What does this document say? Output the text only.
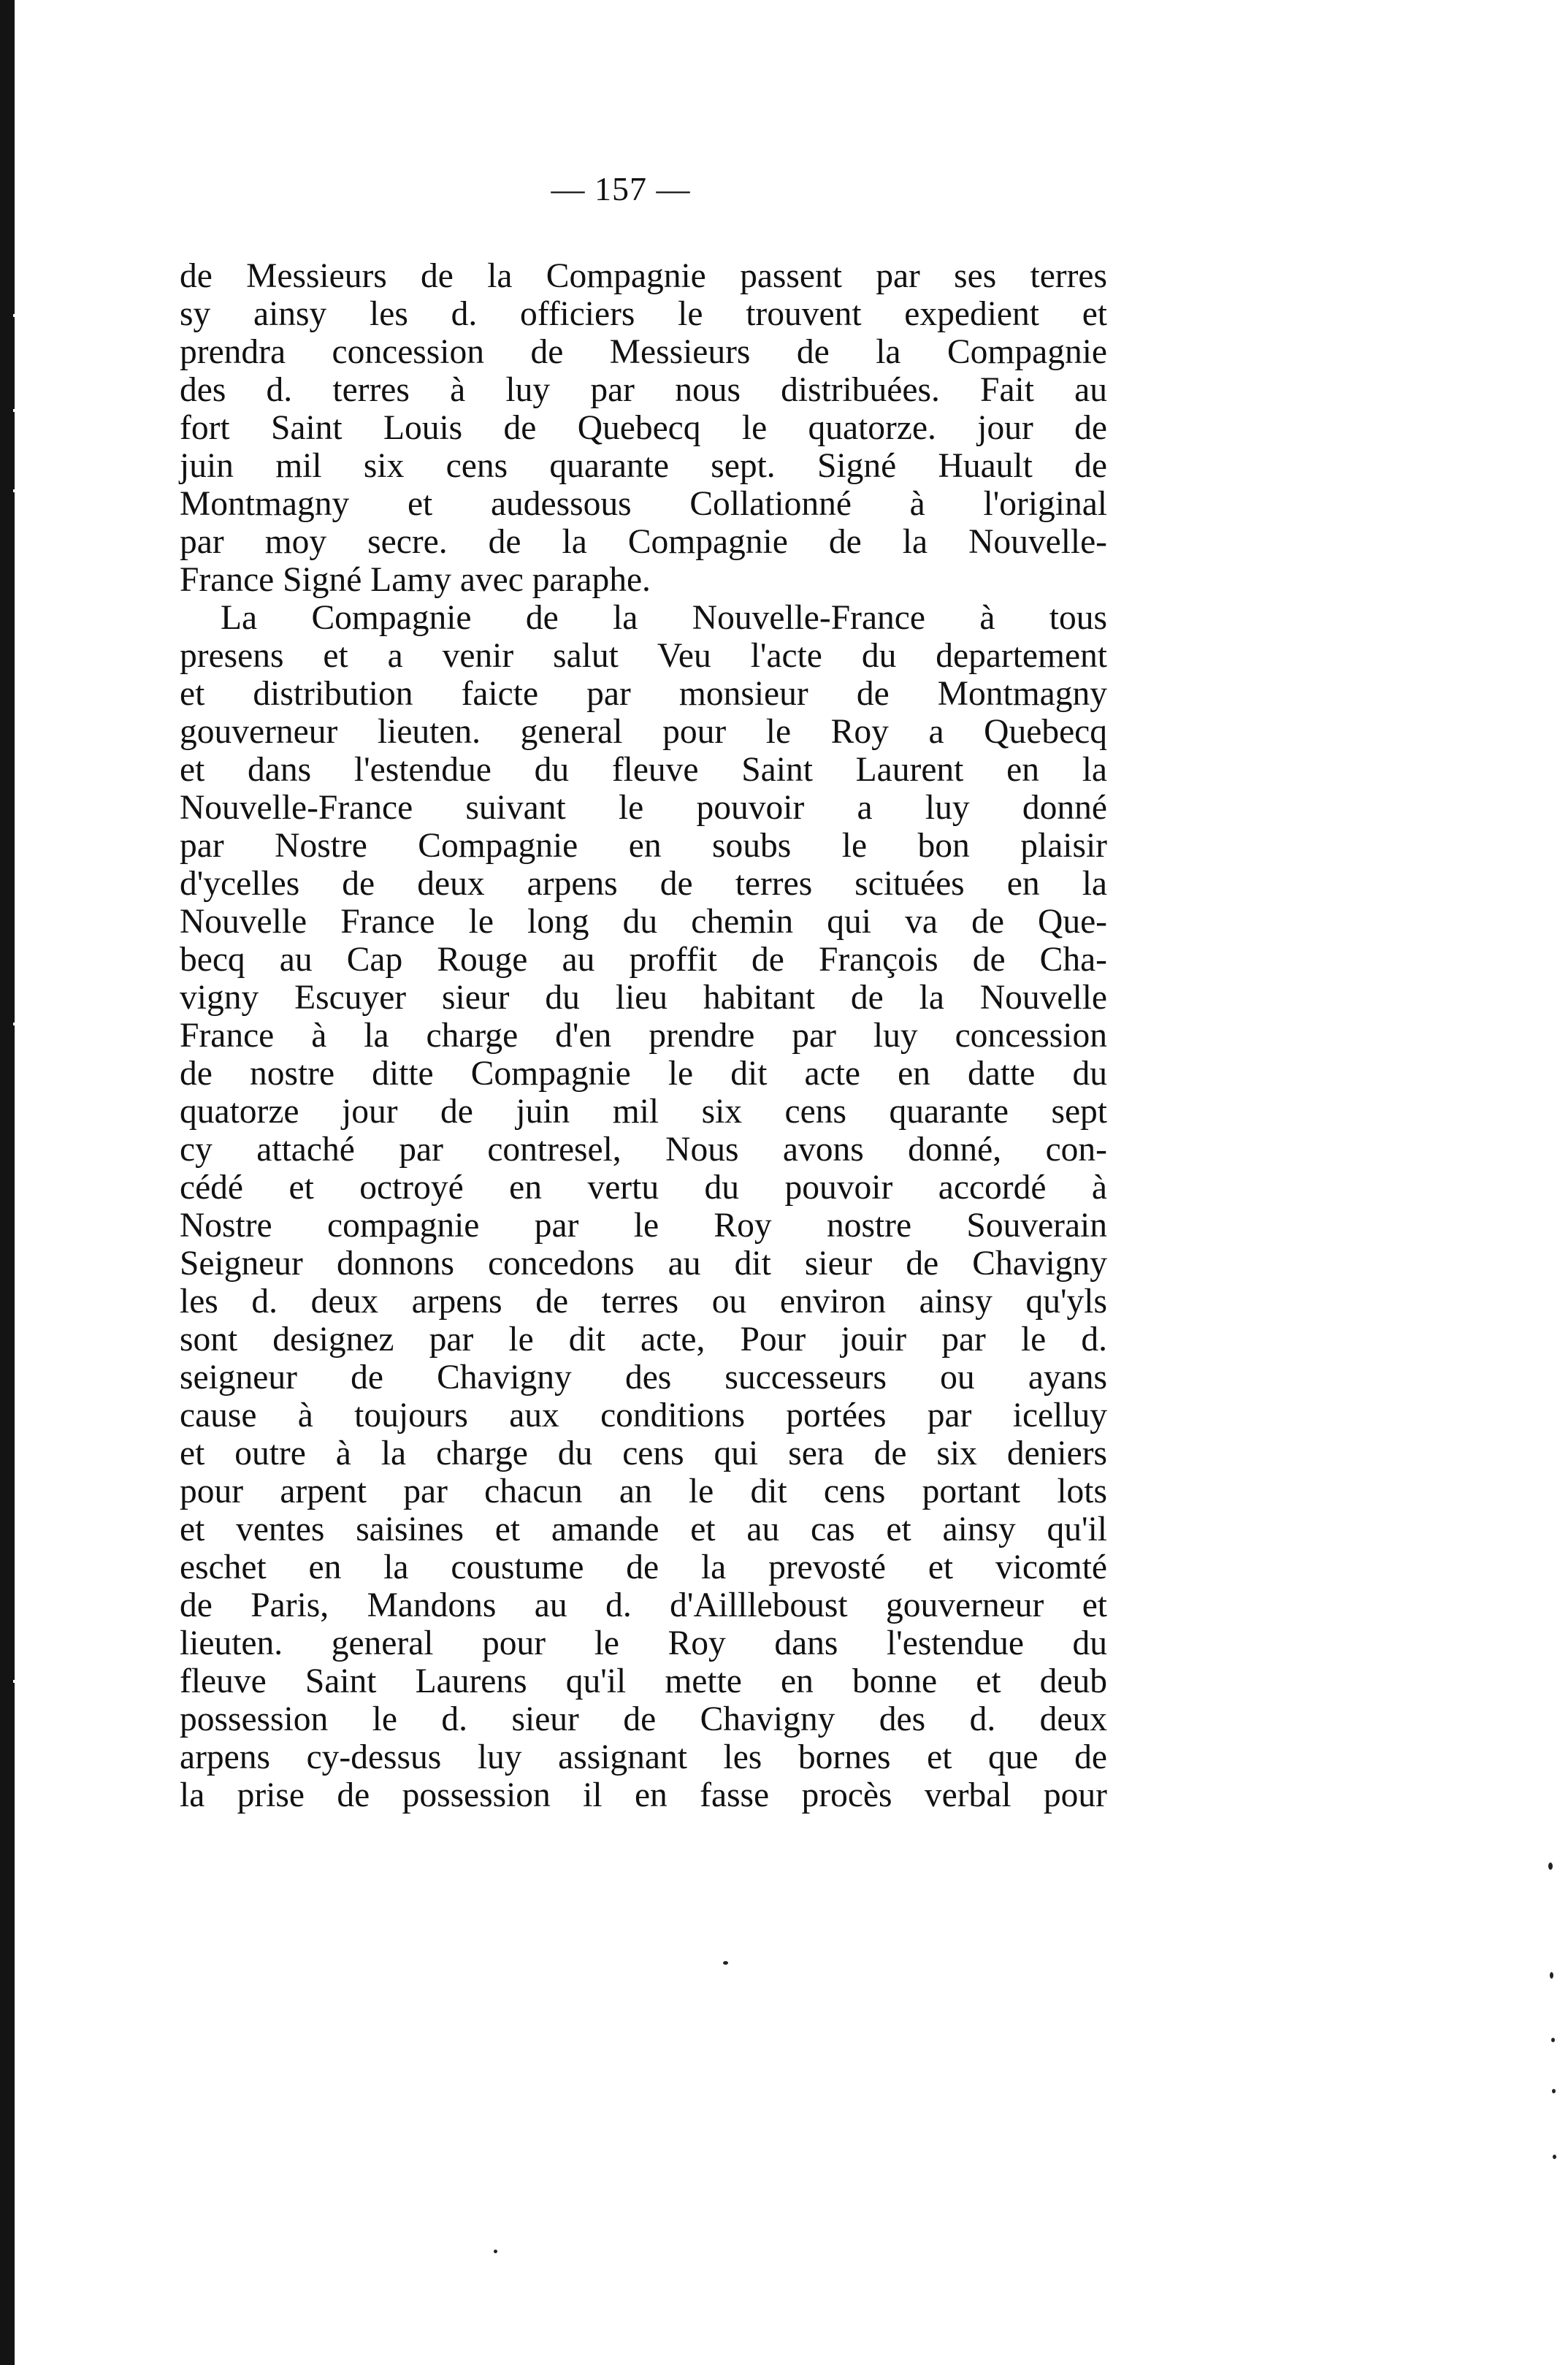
— 157 —
de Messieurs de la Compagnie passent par ses terres
sy ainsy les d. officiers le trouvent expedient et
prendra concession de Messieurs de la Compagnie
des d. terres à luy par nous distribuées. Fait au
fort Saint Louis de Quebecq le quatorze. jour de
juin mil six cens quarante sept. Signé Huault de
Montmagny et audessous Collationné à l'original
par moy secre. de la Compagnie de la Nouvelle-
France Signé Lamy avec paraphe.
La Compagnie de la Nouvelle-France à tous
presens et a venir salut Veu l'acte du departement
et distribution faicte par monsieur de Montmagny
gouverneur lieuten. general pour le Roy a Quebecq
et dans l'estendue du fleuve Saint Laurent en la
Nouvelle-France suivant le pouvoir a luy donné
par Nostre Compagnie en soubs le bon plaisir
d'ycelles de deux arpens de terres scituées en la
Nouvelle France le long du chemin qui va de Que-
becq au Cap Rouge au proffit de François de Cha-
vigny Escuyer sieur du lieu habitant de la Nouvelle
France à la charge d'en prendre par luy concession
de nostre ditte Compagnie le dit acte en datte du
quatorze jour de juin mil six cens quarante sept
cy attaché par contresel, Nous avons donné, con-
cédé et octroyé en vertu du pouvoir accordé à
Nostre compagnie par le Roy nostre Souverain
Seigneur donnons concedons au dit sieur de Chavigny
les d. deux arpens de terres ou environ ainsy qu'yls
sont designez par le dit acte, Pour jouir par le d.
seigneur de Chavigny des successeurs ou ayans
cause à toujours aux conditions portées par icelluy
et outre à la charge du cens qui sera de six deniers
pour arpent par chacun an le dit cens portant lots
et ventes saisines et amande et au cas et ainsy qu'il
eschet en la coustume de la prevosté et vicomté
de Paris, Mandons au d. d'Aillleboust gouverneur et
lieuten. general pour le Roy dans l'estendue du
fleuve Saint Laurens qu'il mette en bonne et deub
possession le d. sieur de Chavigny des d. deux
arpens cy-dessus luy assignant les bornes et que de
la prise de possession il en fasse procès verbal pour
